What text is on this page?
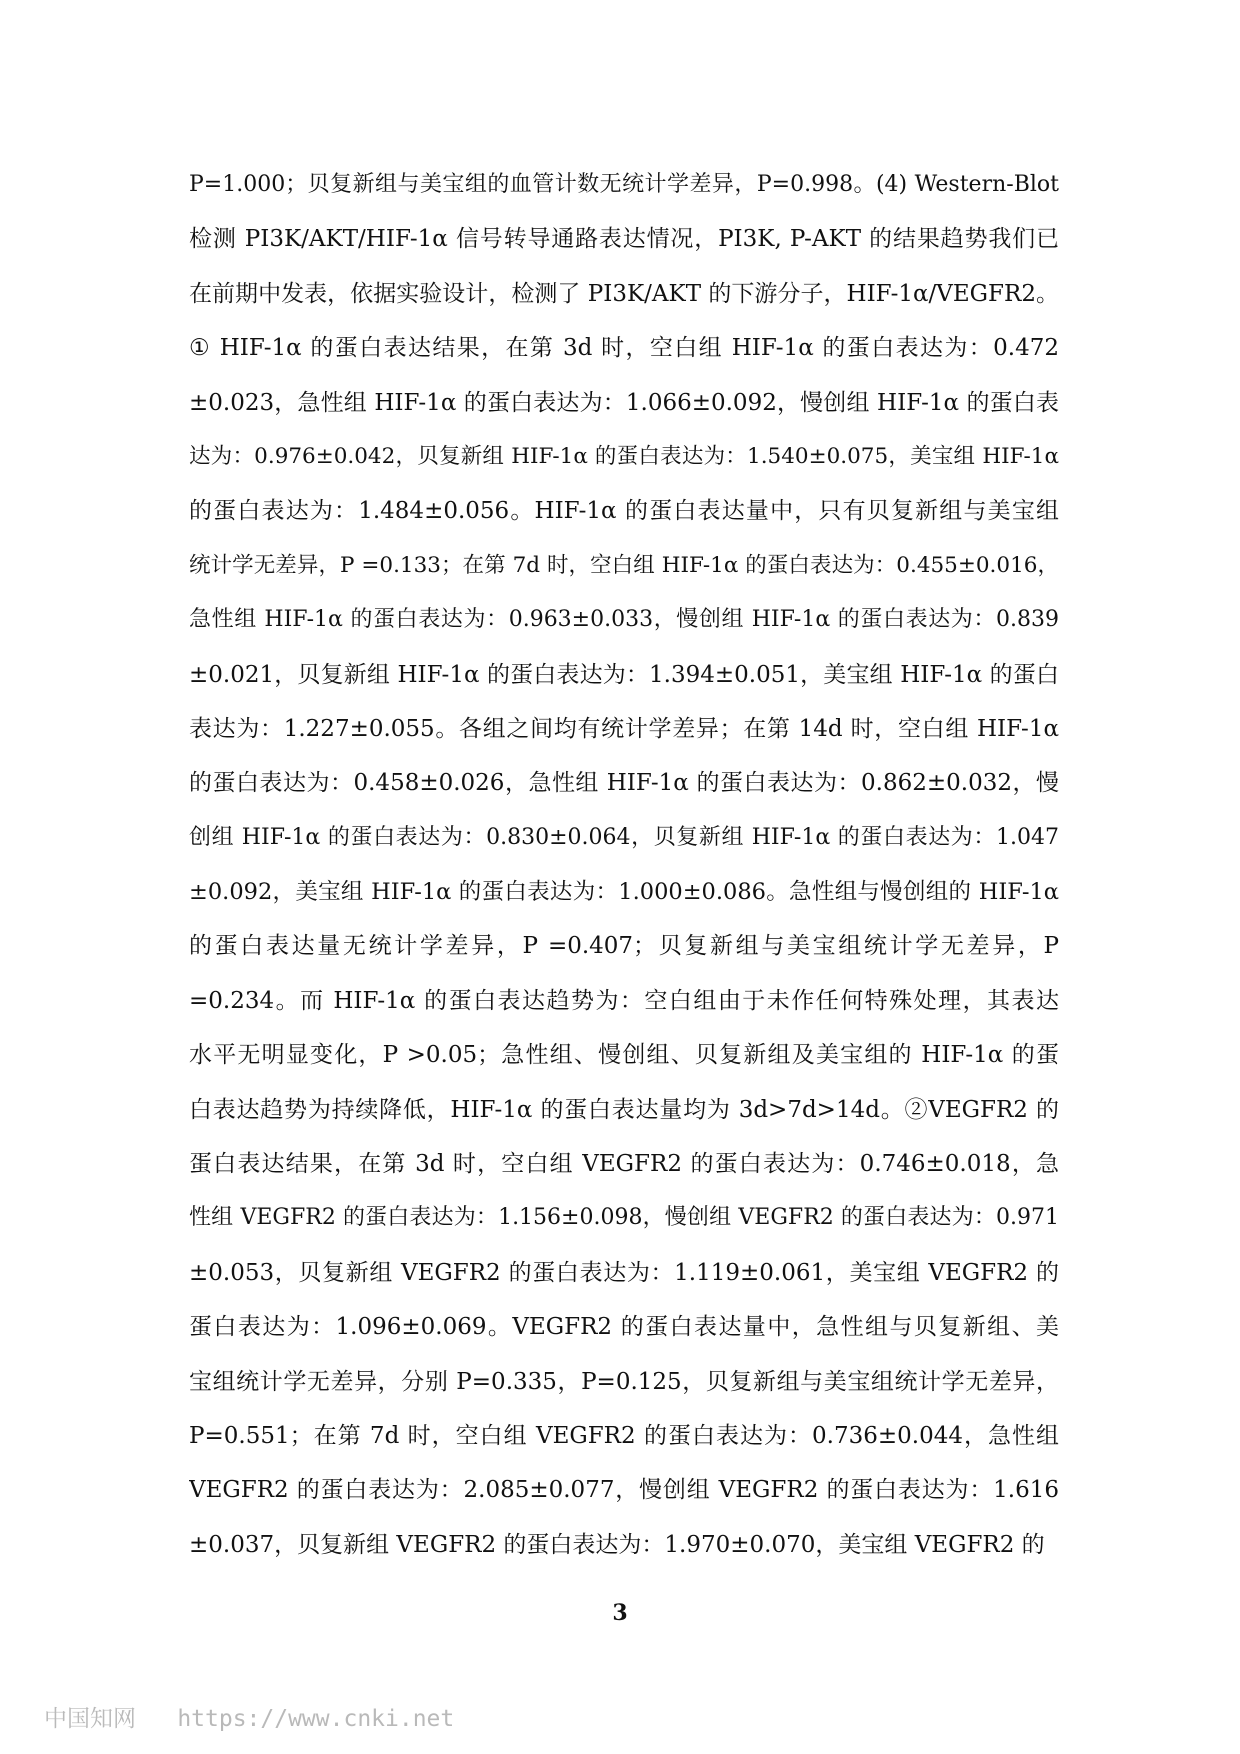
P=1.000；贝复新组与美宝组的血管计数无统计学差异，P=0.998。(4) Western-Blot
检测 PI3K/AKT/HIF-1α 信号转导通路表达情况，PI3K, P-AKT 的结果趋势我们已
在前期中发表，依据实验设计，检测了 PI3K/AKT 的下游分子，HIF-1α/VEGFR2。
① HIF-1α 的蛋白表达结果，在第 3d 时，空白组 HIF-1α 的蛋白表达为：0.472
±0.023，急性组 HIF-1α 的蛋白表达为：1.066±0.092，慢创组 HIF-1α 的蛋白表
达为：0.976±0.042，贝复新组 HIF-1α 的蛋白表达为：1.540±0.075，美宝组 HIF-1α
的蛋白表达为：1.484±0.056。HIF-1α 的蛋白表达量中，只有贝复新组与美宝组
统计学无差异，P =0.133；在第 7d 时，空白组 HIF-1α 的蛋白表达为：0.455±0.016，
急性组 HIF-1α 的蛋白表达为：0.963±0.033，慢创组 HIF-1α 的蛋白表达为：0.839
±0.021，贝复新组 HIF-1α 的蛋白表达为：1.394±0.051，美宝组 HIF-1α 的蛋白
表达为：1.227±0.055。各组之间均有统计学差异；在第 14d 时，空白组 HIF-1α
的蛋白表达为：0.458±0.026，急性组 HIF-1α 的蛋白表达为：0.862±0.032，慢
创组 HIF-1α 的蛋白表达为：0.830±0.064，贝复新组 HIF-1α 的蛋白表达为：1.047
±0.092，美宝组 HIF-1α 的蛋白表达为：1.000±0.086。急性组与慢创组的 HIF-1α
的蛋白表达量无统计学差异，P =0.407；贝复新组与美宝组统计学无差异，P
=0.234。而 HIF-1α 的蛋白表达趋势为：空白组由于未作任何特殊处理，其表达
水平无明显变化，P >0.05；急性组、慢创组、贝复新组及美宝组的 HIF-1α 的蛋
白表达趋势为持续降低，HIF-1α 的蛋白表达量均为 3d>7d>14d。②VEGFR2 的
蛋白表达结果，在第 3d 时，空白组 VEGFR2 的蛋白表达为：0.746±0.018，急
性组 VEGFR2 的蛋白表达为：1.156±0.098，慢创组 VEGFR2 的蛋白表达为：0.971
±0.053，贝复新组 VEGFR2 的蛋白表达为：1.119±0.061，美宝组 VEGFR2 的
蛋白表达为：1.096±0.069。VEGFR2 的蛋白表达量中，急性组与贝复新组、美
宝组统计学无差异，分别 P=0.335，P=0.125，贝复新组与美宝组统计学无差异，
P=0.551；在第 7d 时，空白组 VEGFR2 的蛋白表达为：0.736±0.044，急性组
VEGFR2 的蛋白表达为：2.085±0.077，慢创组 VEGFR2 的蛋白表达为：1.616
±0.037，贝复新组 VEGFR2 的蛋白表达为：1.970±0.070，美宝组 VEGFR2 的
3
中国知网 https://www.cnki.net
